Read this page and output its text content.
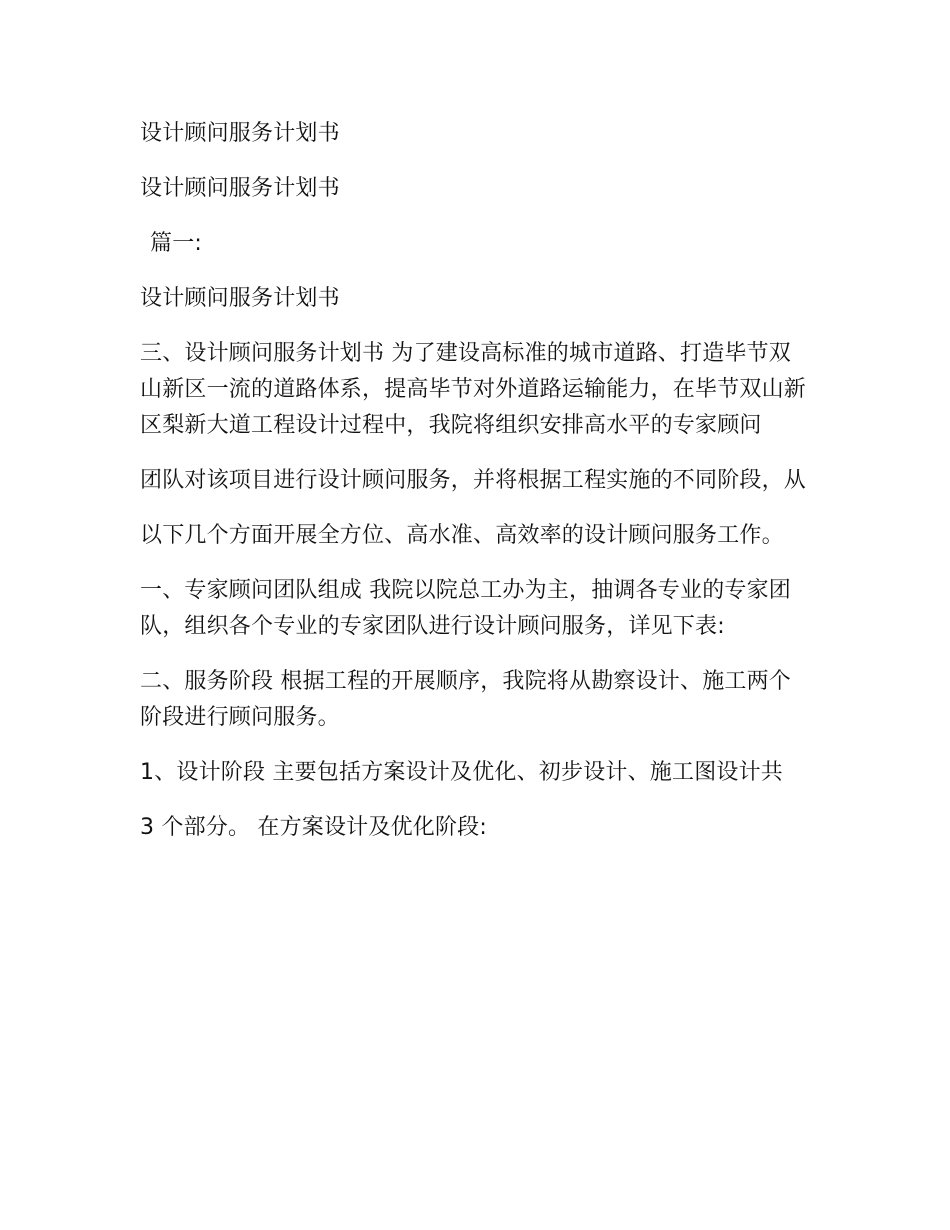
设计顾问服务计划书

设计顾问服务计划书

篇一:

设计顾问服务计划书

三、设计顾问服务计划书 为了建设高标准的城市道路、打造毕节双山新区一流的道路体系，提高毕节对外道路运输能力，在毕节双山新区梨新大道工程设计过程中，我院将组织安排高水平的专家顾问

团队对该项目进行设计顾问服务，并将根据工程实施的不同阶段，从

以下几个方面开展全方位、高水准、高效率的设计顾问服务工作。

一、专家顾问团队组成 我院以院总工办为主，抽调各专业的专家团队，组织各个专业的专家团队进行设计顾问服务，详见下表:

二、服务阶段 根据工程的开展顺序，我院将从勘察设计、施工两个阶段进行顾问服务。

1、设计阶段 主要包括方案设计及优化、初步设计、施工图设计共

3 个部分。 在方案设计及优化阶段:
